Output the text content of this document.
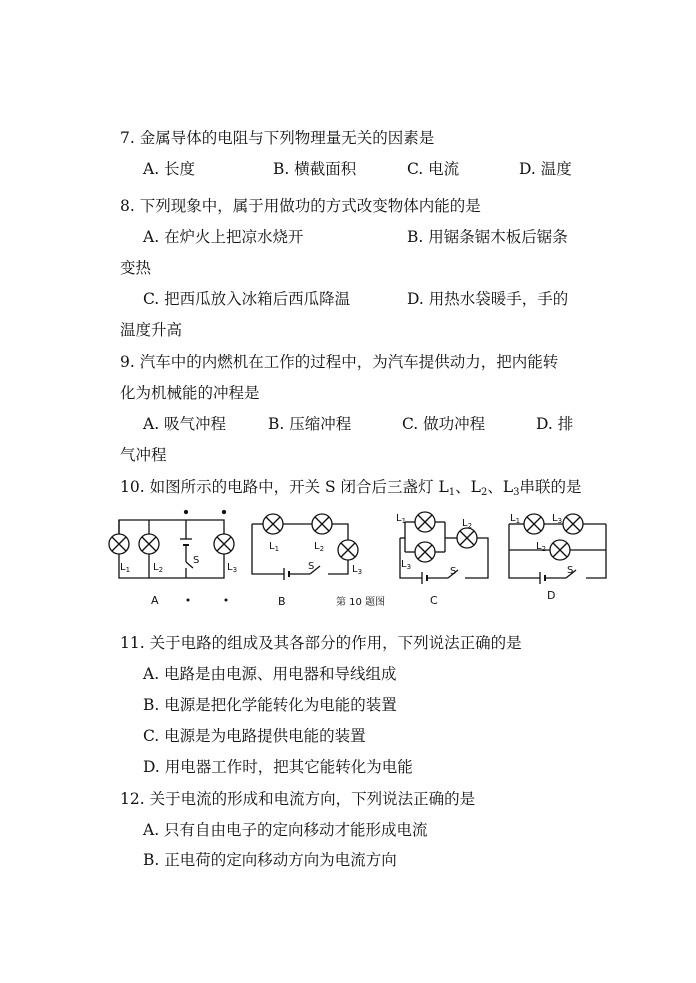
7. 金属导体的电阻与下列物理量无关的因素是
A. 长度	B. 横截面积	C. 电流	D. 温度
8. 下列现象中，属于用做功的方式改变物体内能的是
A. 在炉火上把凉水烧开	B. 用锯条锯木板后锯条
变热
C. 把西瓜放入冰箱后西瓜降温	D. 用热水袋暖手，手的
温度升高
9. 汽车中的内燃机在工作的过程中，为汽车提供动力，把内能转
化为机械能的冲程是
A. 吸气冲程	B. 压缩冲程	C. 做功冲程	D. 排
气冲程
10. 如图所示的电路中，开关 S 闭合后三盏灯 $L_1$、$L_2$、$L_3$串联的是
$L_1$ $L_2$	$L_3$
S
$L_1$	$L_2$
$L_3$
S
$L_1$	$L_2$
$L_3$	S
$L_1$	$L_3$
$L_2$
S
A	B	第 10 题图	C	D
11. 关于电路的组成及其各部分的作用，下列说法正确的是
A. 电路是由电源、用电器和导线组成
B. 电源是把化学能转化为电能的装置
C. 电源是为电路提供电能的装置
D. 用电器工作时，把其它能转化为电能
12. 关于电流的形成和电流方向，下列说法正确的是
A. 只有自由电子的定向移动才能形成电流
B. 正电荷的定向移动方向为电流方向
